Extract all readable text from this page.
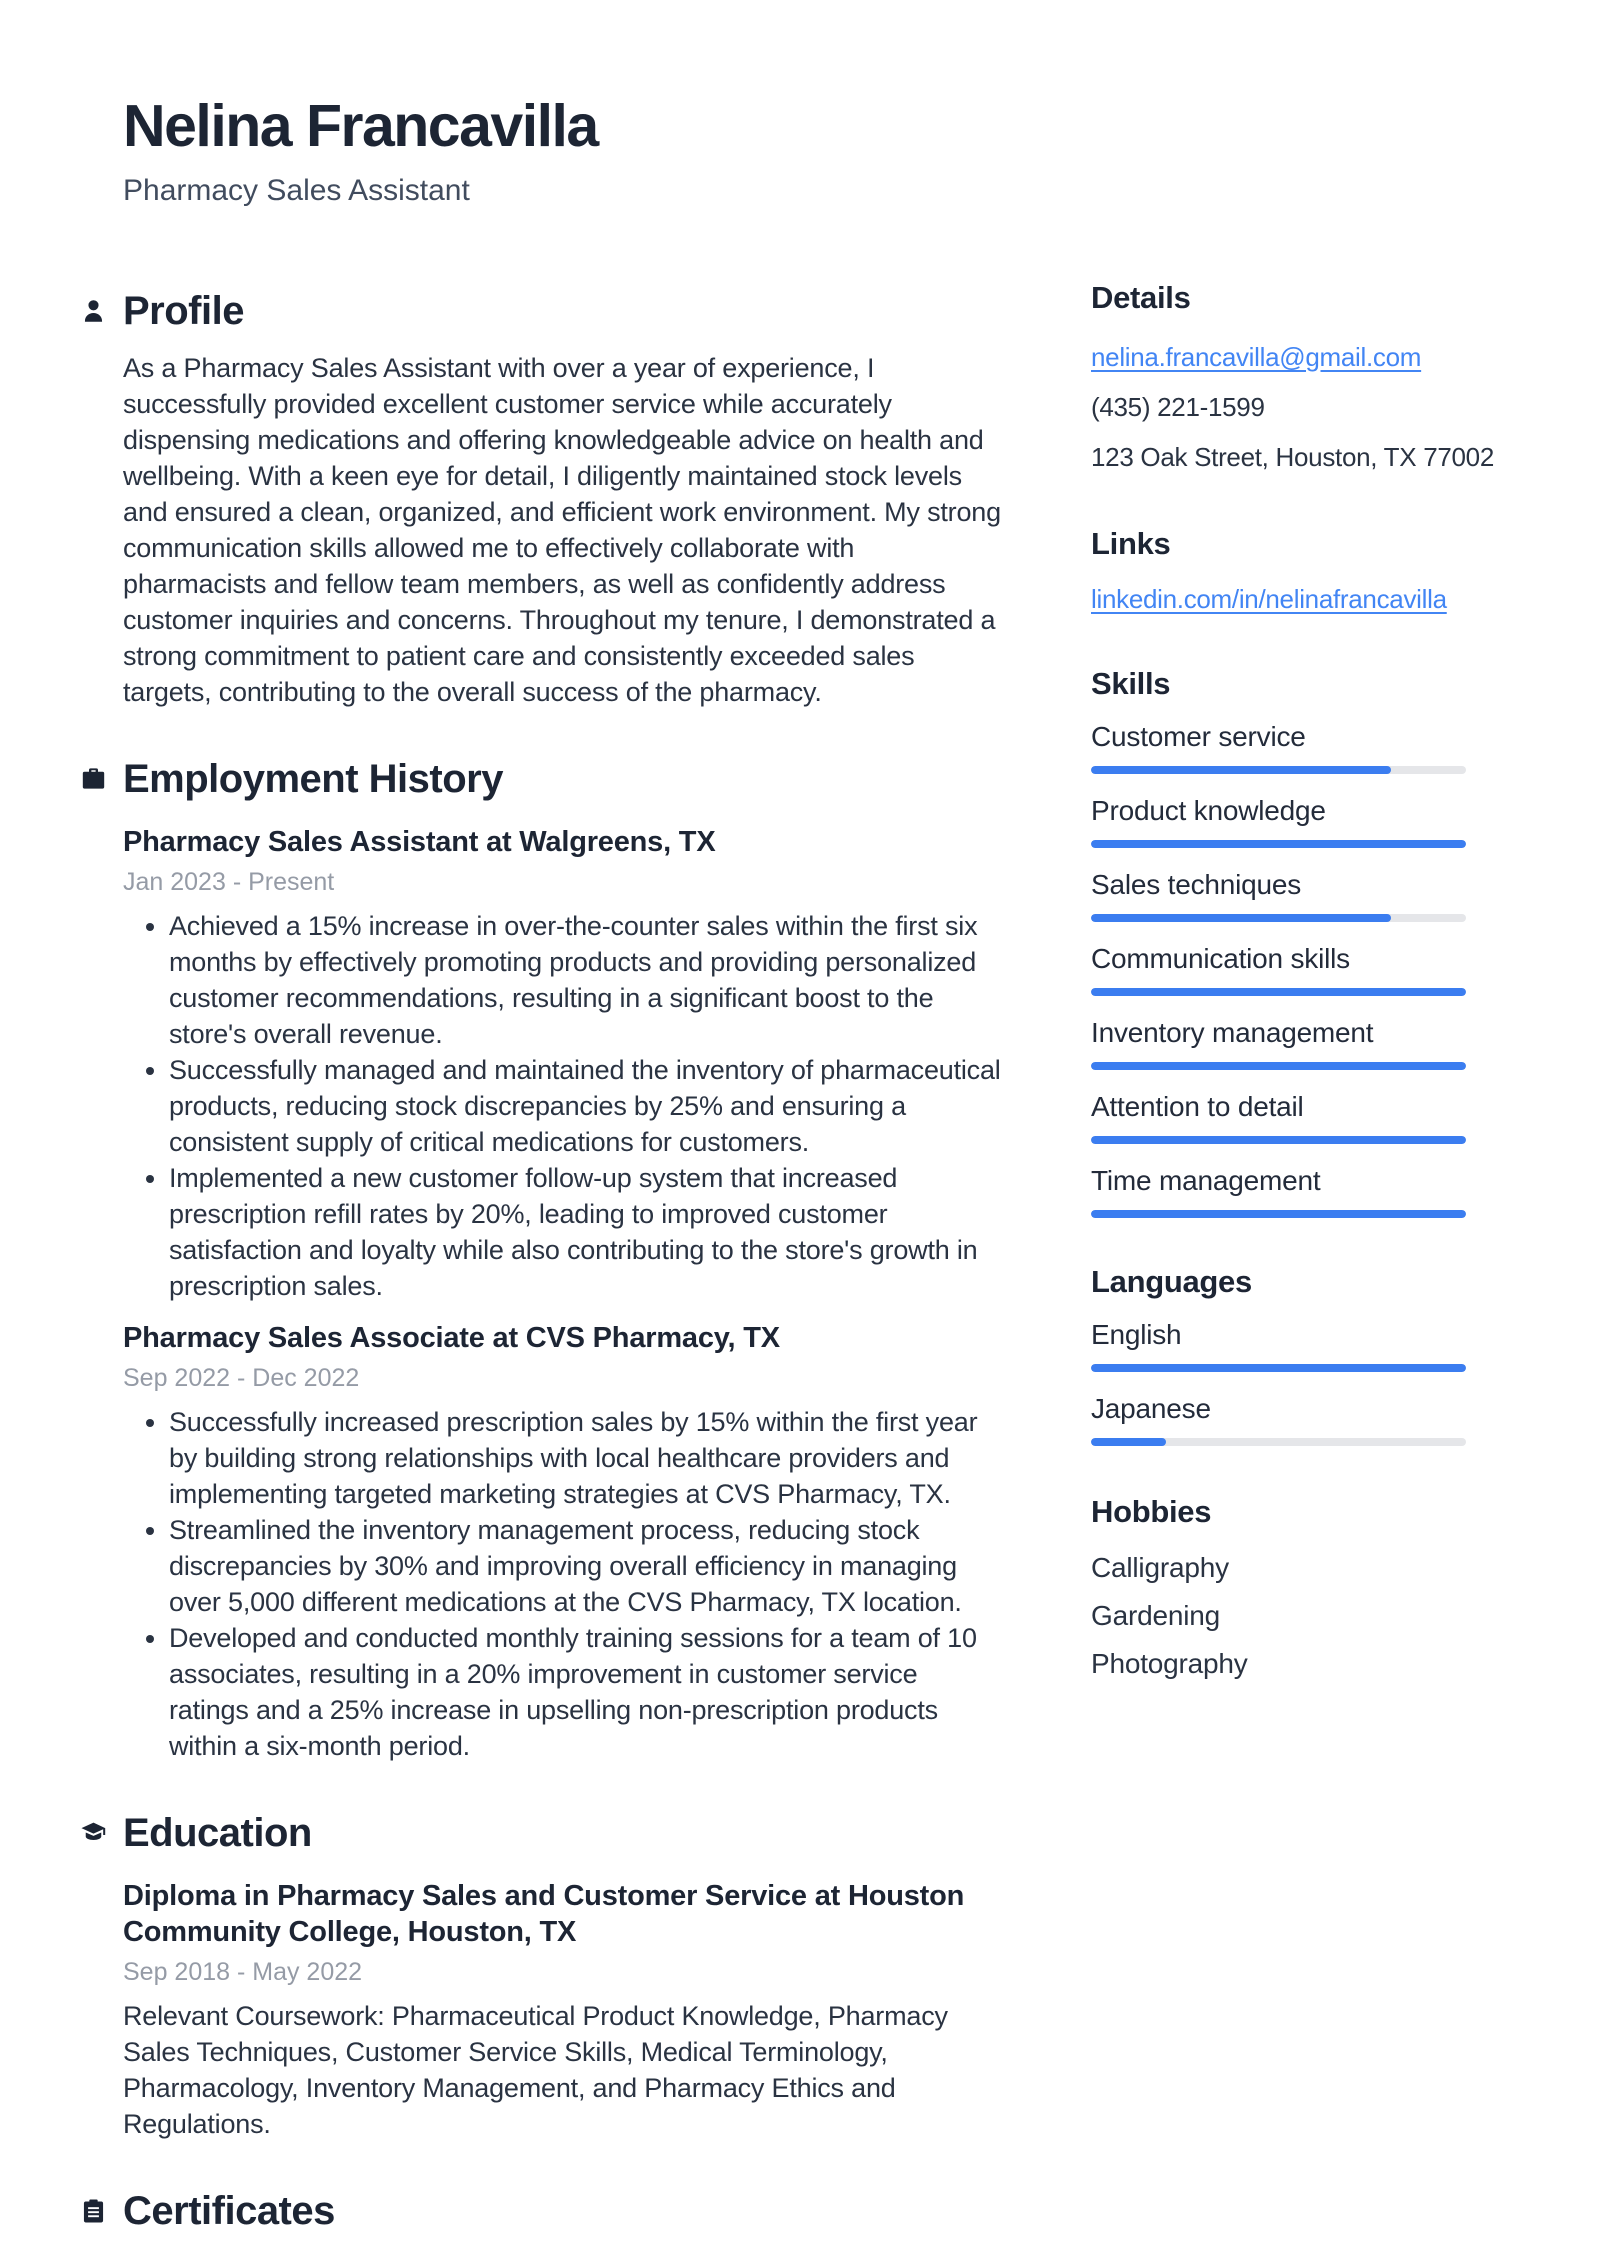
Nelina Francavilla
Pharmacy Sales Assistant
Profile

As a Pharmacy Sales Assistant with over a year of experience, I successfully provided excellent customer service while accurately dispensing medications and offering knowledgeable advice on health and wellbeing. With a keen eye for detail, I diligently maintained stock levels and ensured a clean, organized, and efficient work environment. My strong communication skills allowed me to effectively collaborate with pharmacists and fellow team members, as well as confidently address customer inquiries and concerns. Throughout my tenure, I demonstrated a strong commitment to patient care and consistently exceeded sales targets, contributing to the overall success of the pharmacy.

Employment History
Pharmacy Sales Assistant at Walgreens, TX
Jan 2023 - Present
• Achieved a 15% increase in over-the-counter sales within the first six months by effectively promoting products and providing personalized customer recommendations, resulting in a significant boost to the store's overall revenue.
• Successfully managed and maintained the inventory of pharmaceutical products, reducing stock discrepancies by 25% and ensuring a consistent supply of critical medications for customers.
• Implemented a new customer follow-up system that increased prescription refill rates by 20%, leading to improved customer satisfaction and loyalty while also contributing to the store's growth in prescription sales.
Pharmacy Sales Associate at CVS Pharmacy, TX
Sep 2022 - Dec 2022
• Successfully increased prescription sales by 15% within the first year by building strong relationships with local healthcare providers and implementing targeted marketing strategies at CVS Pharmacy, TX.
• Streamlined the inventory management process, reducing stock discrepancies by 30% and improving overall efficiency in managing over 5,000 different medications at the CVS Pharmacy, TX location.
• Developed and conducted monthly training sessions for a team of 10 associates, resulting in a 20% improvement in customer service ratings and a 25% increase in upselling non-prescription products within a six-month period.
Education
Diploma in Pharmacy Sales and Customer Service at Houston Community College, Houston, TX
Sep 2018 - May 2022

Relevant Coursework: Pharmaceutical Product Knowledge, Pharmacy Sales Techniques, Customer Service Skills, Medical Terminology, Pharmacology, Inventory Management, and Pharmacy Ethics and Regulations.

Certificates
Details
nelina.francavilla@gmail.com
(435) 221-1599
123 Oak Street, Houston, TX 77002
Links
linkedin.com/in/nelinafrancavilla
Skills
Customer service
Product knowledge
Sales techniques
Communication skills
Inventory management
Attention to detail
Time management
Languages
English
Japanese
Hobbies
Calligraphy
Gardening
Photography
